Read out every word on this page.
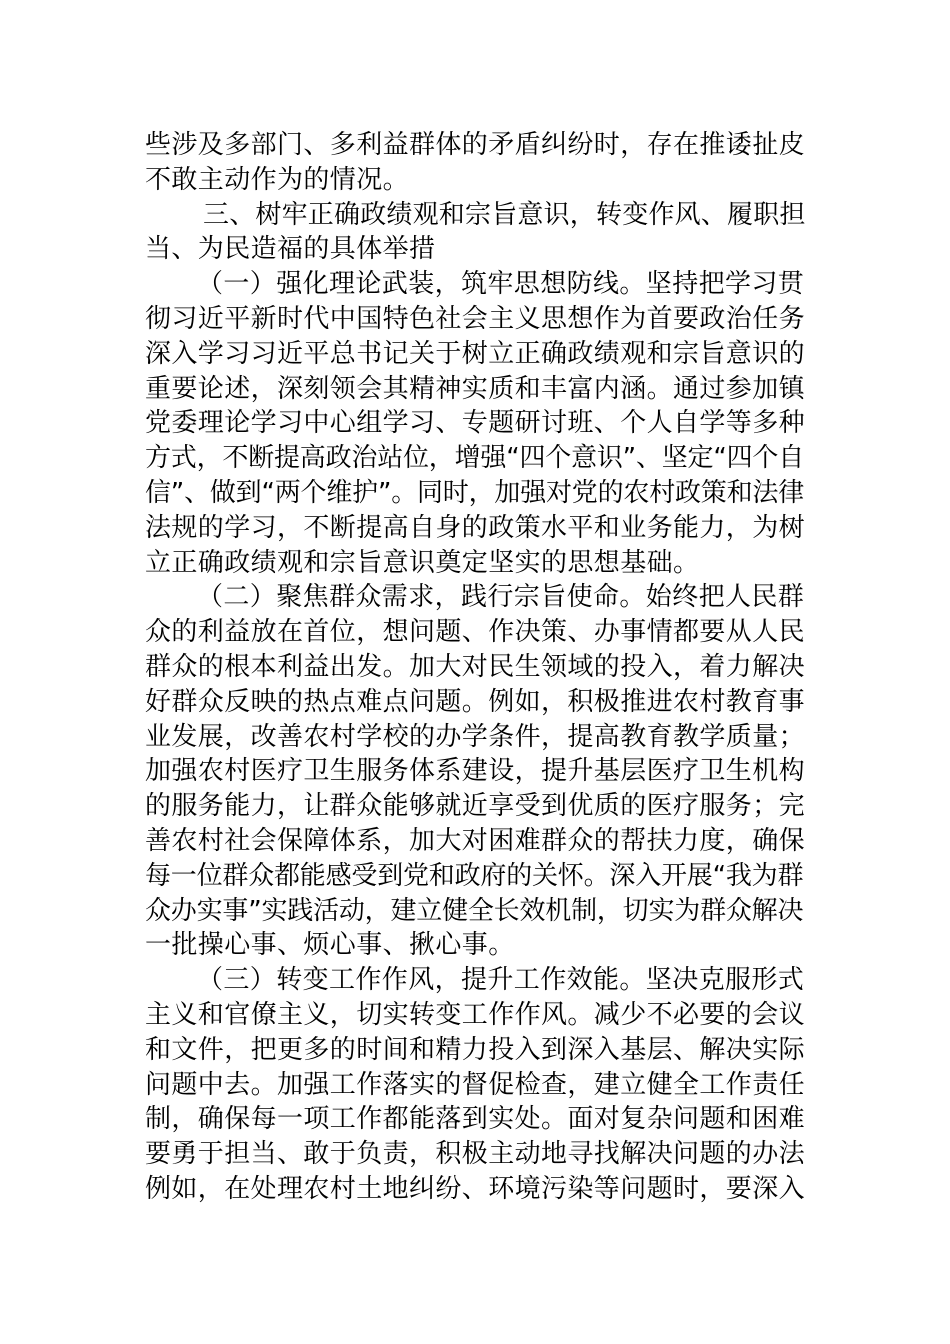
些涉及多部门、多利益群体的矛盾纠纷时，存在推诿扯皮
不敢主动作为的情况。
三、树牢正确政绩观和宗旨意识，转变作风、履职担
当、为民造福的具体举措
（一）强化理论武装，筑牢思想防线。坚持把学习贯
彻习近平新时代中国特色社会主义思想作为首要政治任务
深入学习习近平总书记关于树立正确政绩观和宗旨意识的
重要论述，深刻领会其精神实质和丰富内涵。通过参加镇
党委理论学习中心组学习、专题研讨班、个人自学等多种
方式，不断提高政治站位，增强“四个意识”、坚定“四个自
信”、做到“两个维护”。同时，加强对党的农村政策和法律
法规的学习，不断提高自身的政策水平和业务能力，为树
立正确政绩观和宗旨意识奠定坚实的思想基础。
（二）聚焦群众需求，践行宗旨使命。始终把人民群
众的利益放在首位，想问题、作决策、办事情都要从人民
群众的根本利益出发。加大对民生领域的投入，着力解决
好群众反映的热点难点问题。例如，积极推进农村教育事
业发展，改善农村学校的办学条件，提高教育教学质量；
加强农村医疗卫生服务体系建设，提升基层医疗卫生机构
的服务能力，让群众能够就近享受到优质的医疗服务；完
善农村社会保障体系，加大对困难群众的帮扶力度，确保
每一位群众都能感受到党和政府的关怀。深入开展“我为群
众办实事”实践活动，建立健全长效机制，切实为群众解决
一批操心事、烦心事、揪心事。
（三）转变工作作风，提升工作效能。坚决克服形式
主义和官僚主义，切实转变工作作风。减少不必要的会议
和文件，把更多的时间和精力投入到深入基层、解决实际
问题中去。加强工作落实的督促检查，建立健全工作责任
制，确保每一项工作都能落到实处。面对复杂问题和困难
要勇于担当、敢于负责，积极主动地寻找解决问题的办法
例如，在处理农村土地纠纷、环境污染等问题时，要深入
